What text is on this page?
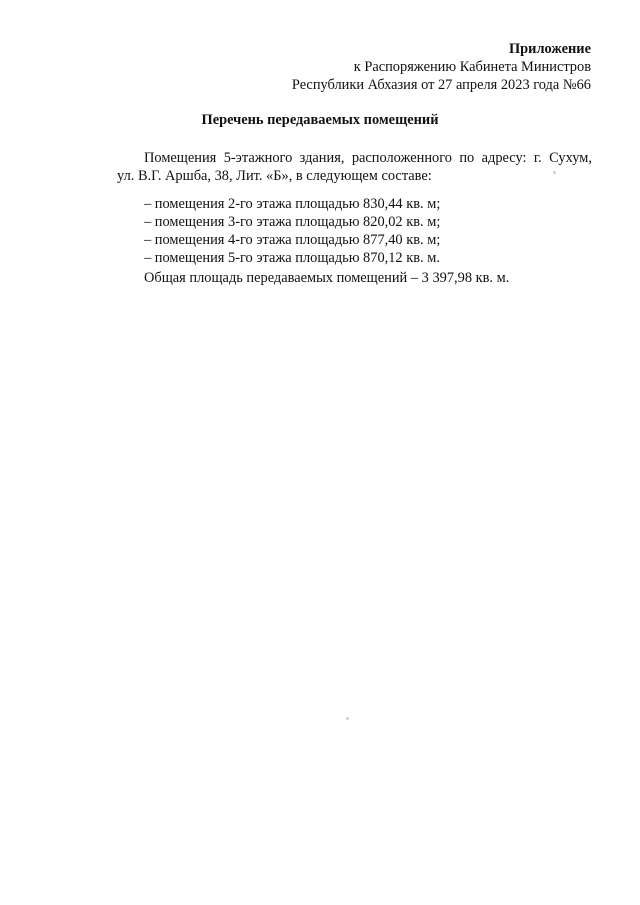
Приложение
к Распоряжению Кабинета Министров
Республики Абхазия от 27 апреля 2023 года №66
Перечень передаваемых помещений
Помещения 5-этажного здания, расположенного по адресу: г. Сухум,
ул. В.Г. Аршба, 38, Лит. «Б», в следующем составе:
– помещения 2-го этажа площадью 830,44 кв. м;
– помещения 3-го этажа площадью 820,02 кв. м;
– помещения 4-го этажа площадью 877,40 кв. м;
– помещения 5-го этажа площадью 870,12 кв. м.
Общая площадь передаваемых помещений – 3 397,98 кв. м.
